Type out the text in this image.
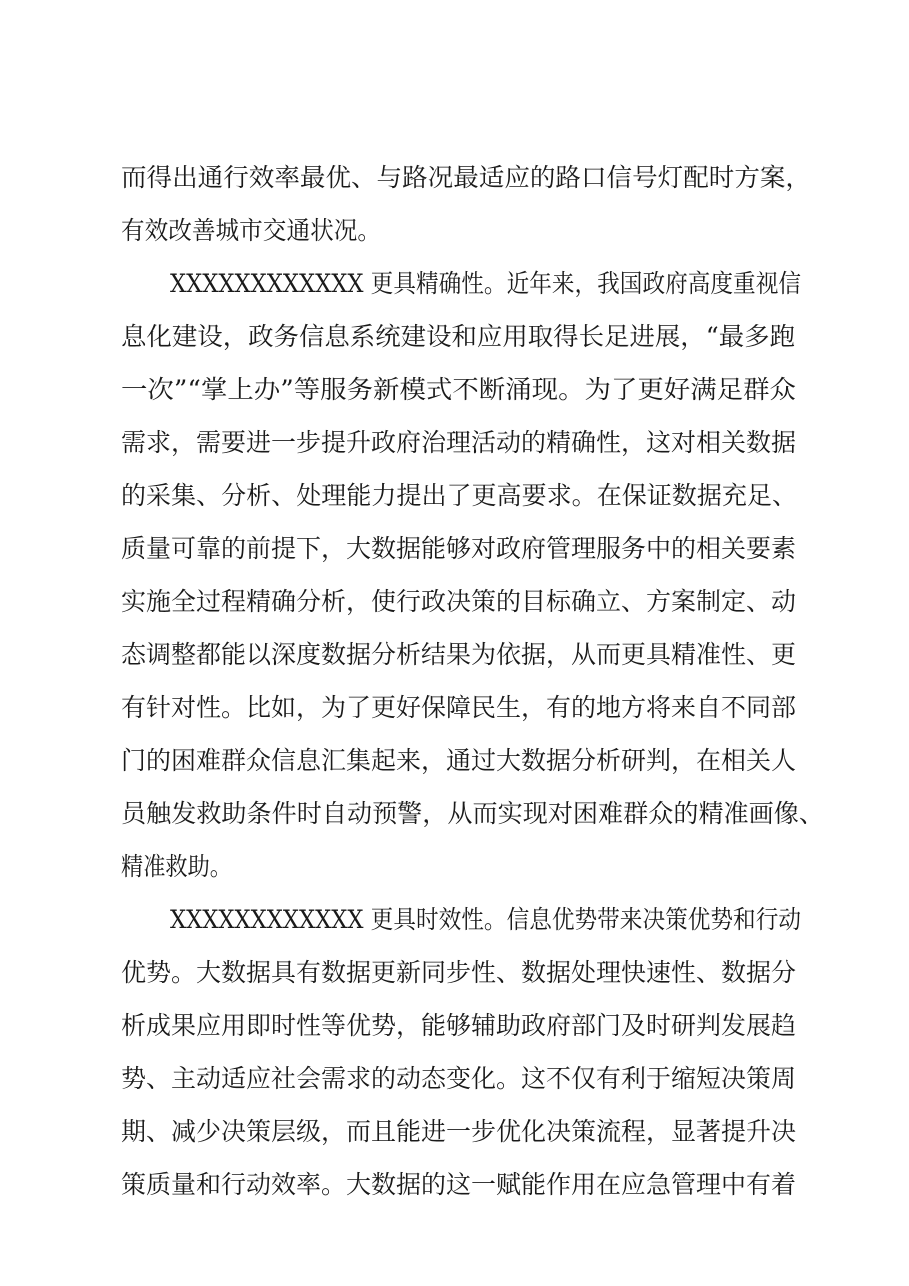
而得出通行效率最优、与路况最适应的路口信号灯配时方案，
有效改善城市交通状况。
XXXXXXXXXXXX 更具精确性。近年来，我国政府高度重视信
息化建设，政务信息系统建设和应用取得长足进展，“最多跑
一次”“掌上办”等服务新模式不断涌现。为了更好满足群众
需求，需要进一步提升政府治理活动的精确性，这对相关数据
的采集、分析、处理能力提出了更高要求。在保证数据充足、
质量可靠的前提下，大数据能够对政府管理服务中的相关要素
实施全过程精确分析，使行政决策的目标确立、方案制定、动
态调整都能以深度数据分析结果为依据，从而更具精准性、更
有针对性。比如，为了更好保障民生，有的地方将来自不同部
门的困难群众信息汇集起来，通过大数据分析研判，在相关人
员触发救助条件时自动预警，从而实现对困难群众的精准画像、
精准救助。
XXXXXXXXXXXX 更具时效性。信息优势带来决策优势和行动
优势。大数据具有数据更新同步性、数据处理快速性、数据分
析成果应用即时性等优势，能够辅助政府部门及时研判发展趋
势、主动适应社会需求的动态变化。这不仅有利于缩短决策周
期、减少决策层级，而且能进一步优化决策流程，显著提升决
策质量和行动效率。大数据的这一赋能作用在应急管理中有着
